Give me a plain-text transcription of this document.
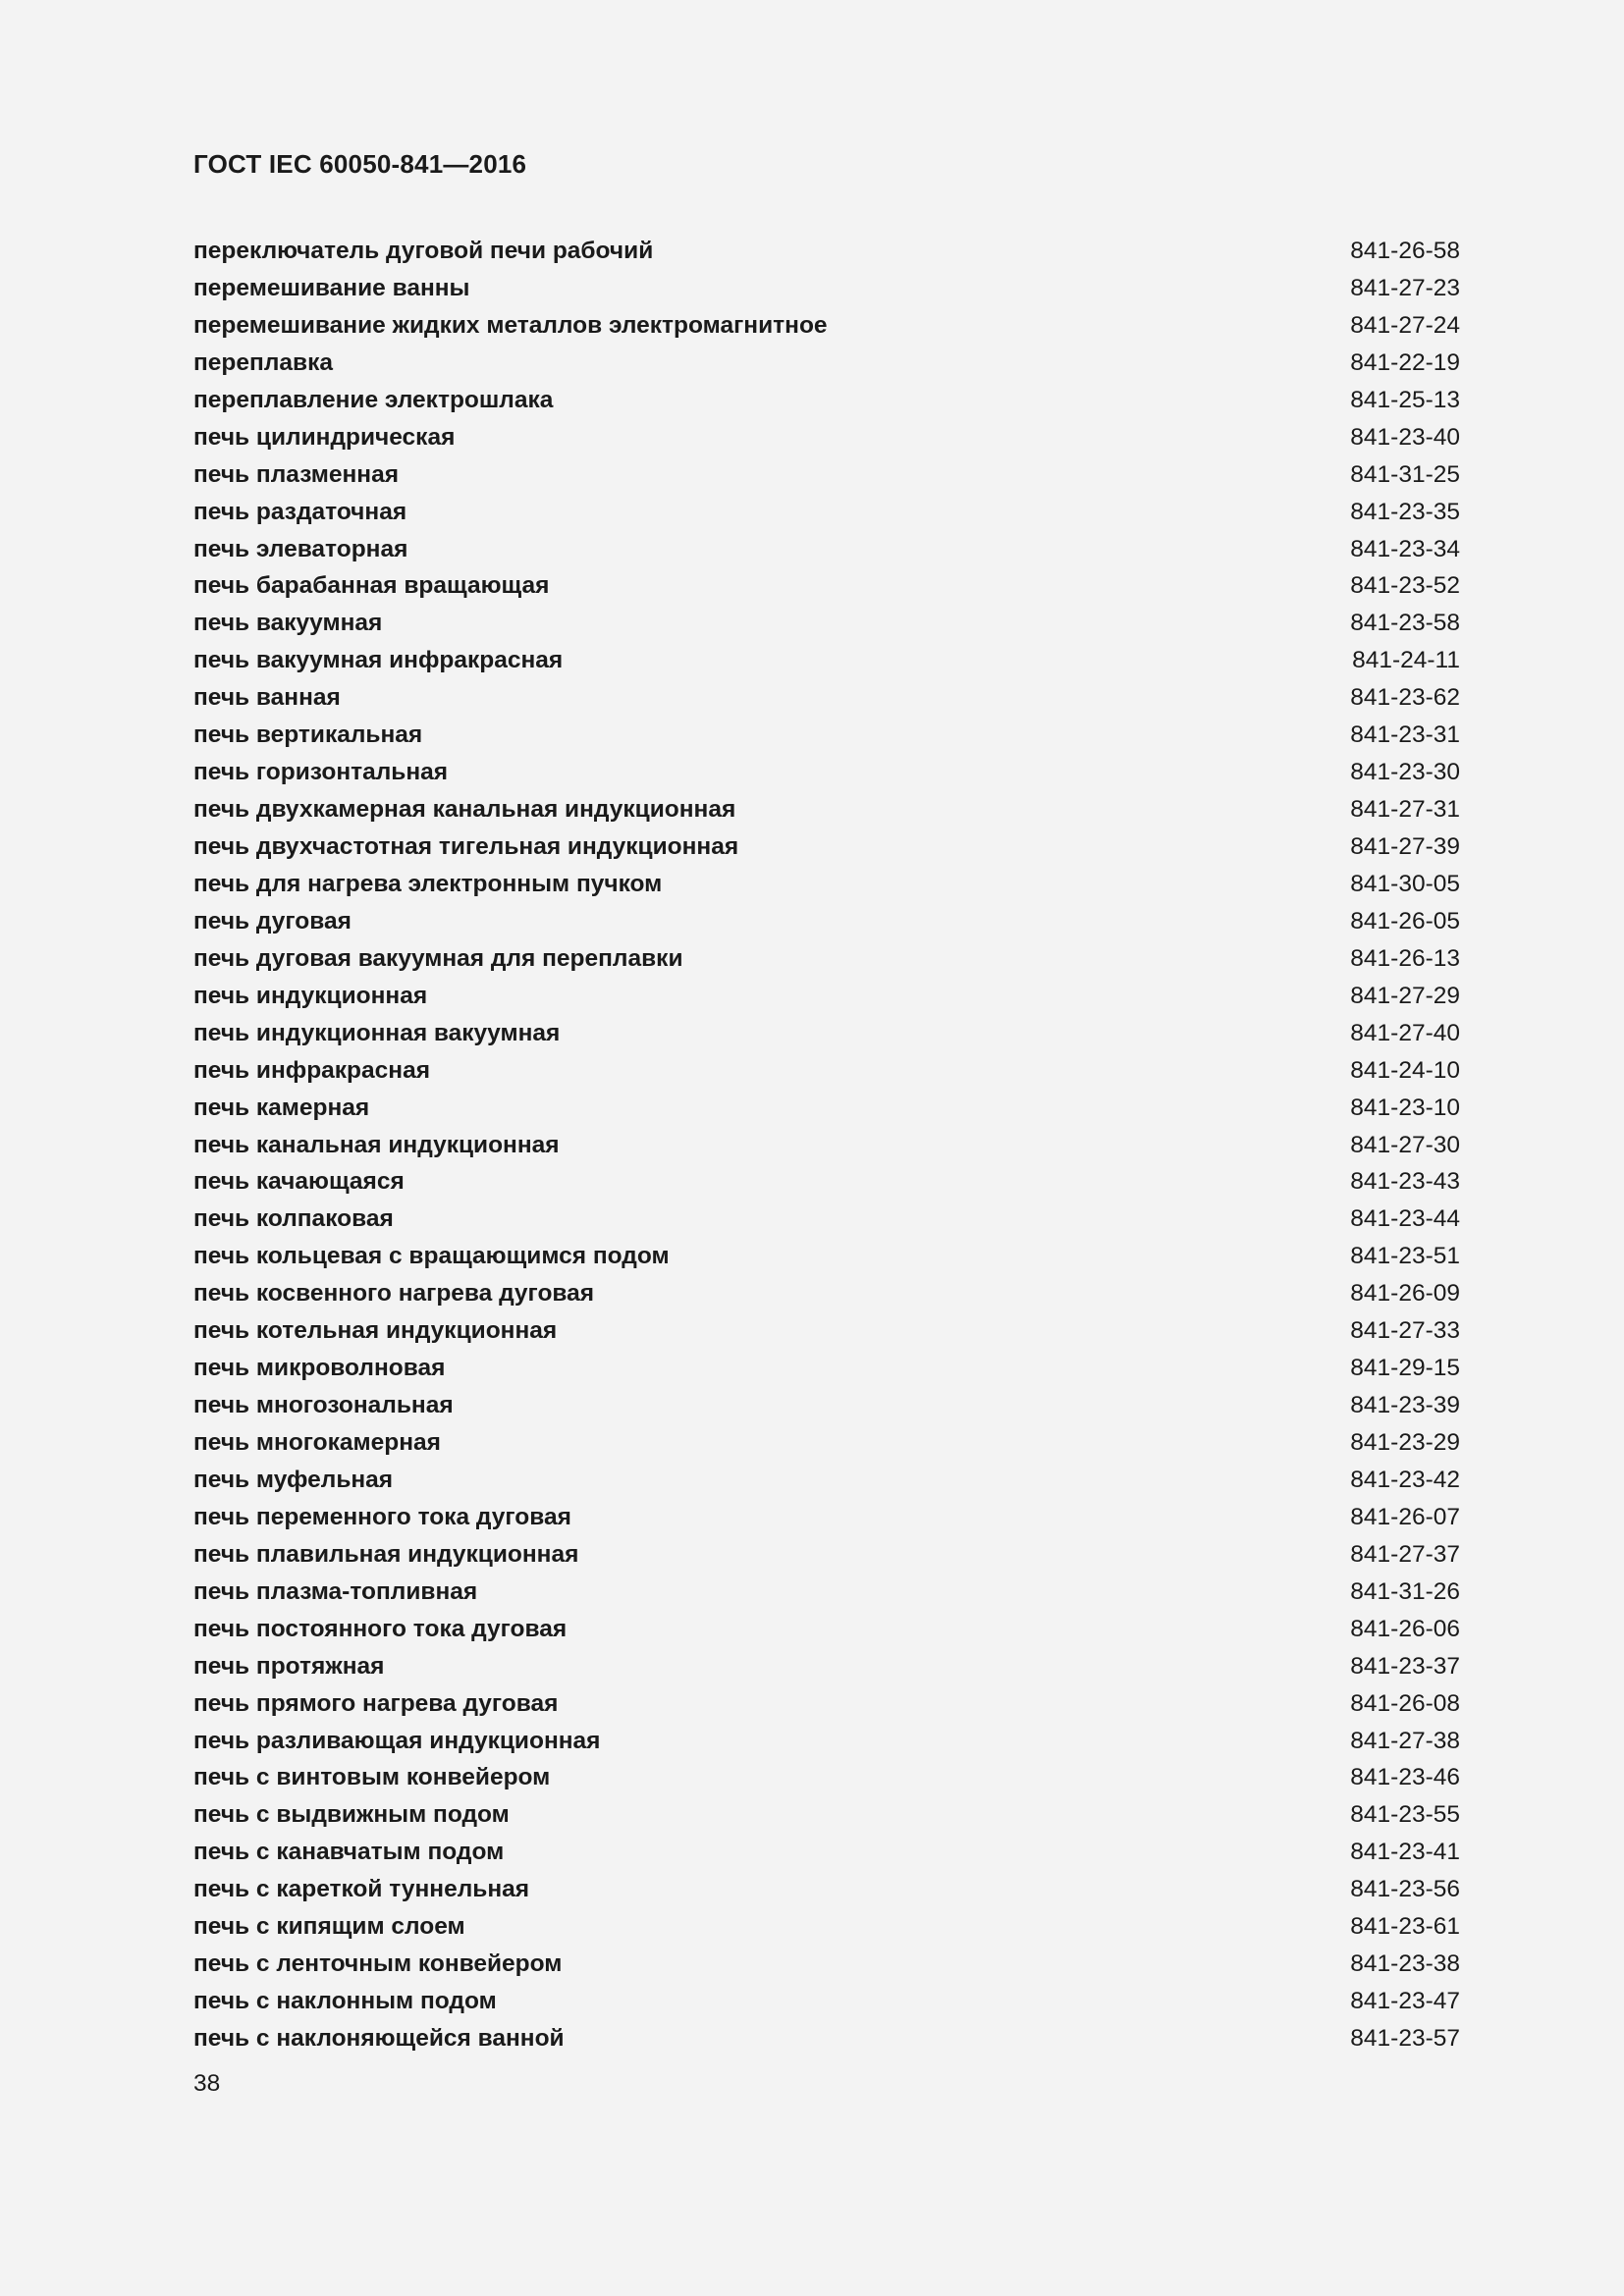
ГОСТ IEC 60050-841—2016
переключатель дуговой печи рабочий	841-26-58
перемешивание ванны	841-27-23
перемешивание жидких металлов электромагнитное	841-27-24
переплавка	841-22-19
переплавление электрошлака	841-25-13
печь цилиндрическая	841-23-40
печь плазменная	841-31-25
печь раздаточная	841-23-35
печь элеваторная	841-23-34
печь барабанная вращающая	841-23-52
печь вакуумная	841-23-58
печь вакуумная инфракрасная	841-24-11
печь ванная	841-23-62
печь вертикальная	841-23-31
печь горизонтальная	841-23-30
печь двухкамерная канальная индукционная	841-27-31
печь двухчастотная тигельная индукционная	841-27-39
печь для нагрева электронным пучком	841-30-05
печь дуговая	841-26-05
печь дуговая вакуумная для переплавки	841-26-13
печь индукционная	841-27-29
печь индукционная вакуумная	841-27-40
печь инфракрасная	841-24-10
печь камерная	841-23-10
печь канальная индукционная	841-27-30
печь качающаяся	841-23-43
печь колпаковая	841-23-44
печь кольцевая с вращающимся подом	841-23-51
печь косвенного нагрева дуговая	841-26-09
печь котельная индукционная	841-27-33
печь микроволновая	841-29-15
печь многозональная	841-23-39
печь многокамерная	841-23-29
печь муфельная	841-23-42
печь переменного тока дуговая	841-26-07
печь плавильная индукционная	841-27-37
печь плазма-топливная	841-31-26
печь постоянного тока дуговая	841-26-06
печь протяжная	841-23-37
печь прямого нагрева дуговая	841-26-08
печь разливающая индукционная	841-27-38
печь с винтовым конвейером	841-23-46
печь с выдвижным подом	841-23-55
печь с канавчатым подом	841-23-41
печь с кареткой туннельная	841-23-56
печь с кипящим слоем	841-23-61
печь с ленточным конвейером	841-23-38
печь с наклонным подом	841-23-47
печь с наклоняющейся ванной	841-23-57
38
